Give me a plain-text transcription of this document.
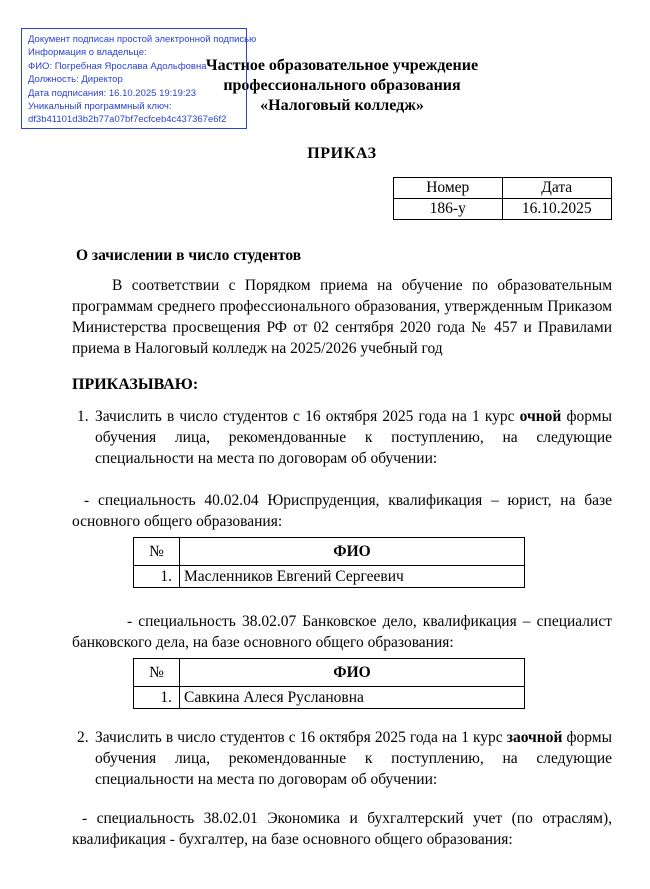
Документ подписан простой электронной подписью
Информация о владельце:
ФИО: Погребная Ярослава Адольфовна
Должность: Директор
Дата подписания: 16.10.2025 19:19:23
Уникальный программный ключ:
df3b41101d3b2b77a07bf7ecfceb4c437367e6f2
Частное образовательное учреждение
профессионального образования
«Налоговый колледж»
ПРИКАЗ
Номер	Дата
186-у	16.10.2025
О зачислении в число студентов
В соответствии с Порядком приема на обучение по образовательным программам среднего профессионального образования, утвержденным Приказом Министерства просвещения РФ от 02 сентября 2020 года № 457 и Правилами приема в Налоговый колледж на 2025/2026 учебный год
ПРИКАЗЫВАЮ:
1. Зачислить в число студентов с 16 октября 2025 года на 1 курс очной формы обучения лица, рекомендованные к поступлению, на следующие специальности на места по договорам об обучении:
- специальность 40.02.04 Юриспруденция, квалификация – юрист, на базе основного общего образования:
№	ФИО
1.	Масленников Евгений Сергеевич
- специальность 38.02.07 Банковское дело, квалификация – специалист банковского дела, на базе основного общего образования:
№	ФИО
1.	Савкина Алеся Руслановна
2. Зачислить в число студентов с 16 октября 2025 года на 1 курс заочной формы обучения лица, рекомендованные к поступлению, на следующие специальности на места по договорам об обучении:
- специальность 38.02.01 Экономика и бухгалтерский учет (по отраслям), квалификация - бухгалтер, на базе основного общего образования:
